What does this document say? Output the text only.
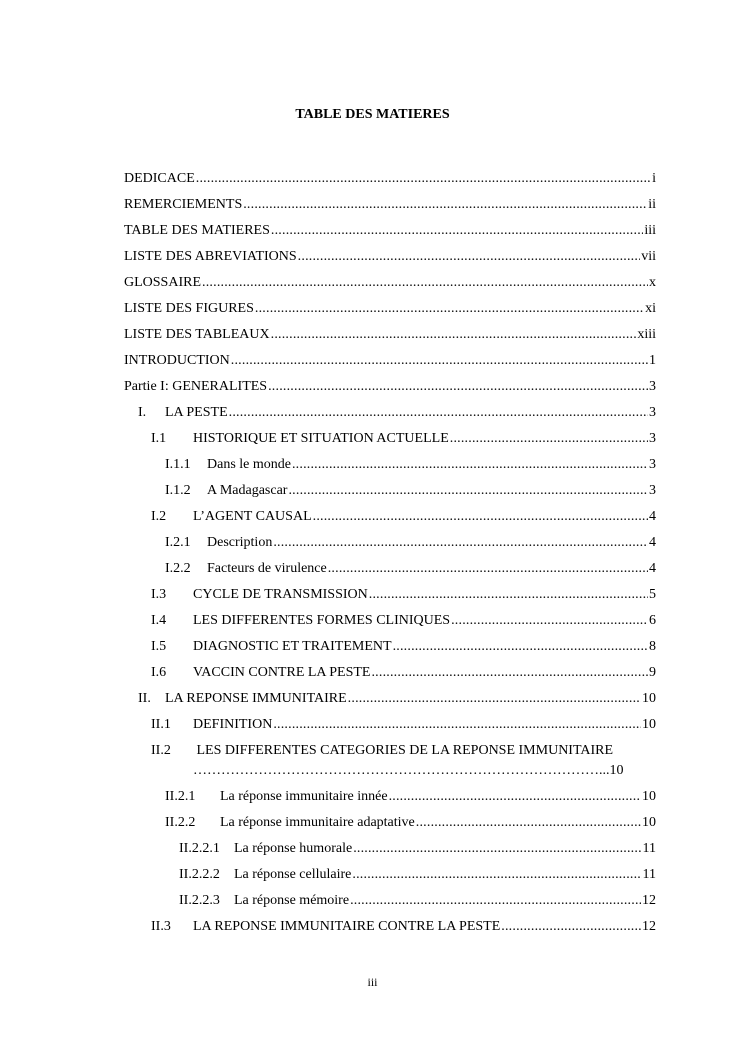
TABLE DES MATIERES
DEDICACE .....	i
REMERCIEMENTS .....	ii
TABLE DES MATIERES .....	iii
LISTE DES ABREVIATIONS .....	vii
GLOSSAIRE .....	x
LISTE DES FIGURES .....	xi
LISTE DES TABLEAUX .....	xiii
INTRODUCTION .....	1
Partie I: GENERALITES .....	3
I.	LA PESTE .....	3
I.1	HISTORIQUE ET SITUATION ACTUELLE .....	3
I.1.1	Dans le monde .....	3
I.1.2	A Madagascar .....	3
I.2	L’AGENT CAUSAL .....	4
I.2.1	Description .....	4
I.2.2	Facteurs de virulence .....	4
I.3	CYCLE DE TRANSMISSION .....	5
I.4	LES DIFFERENTES FORMES CLINIQUES .....	6
I.5	DIAGNOSTIC ET TRAITEMENT .....	8
I.6	VACCIN CONTRE LA PESTE .....	9
II.	LA REPONSE IMMUNITAIRE .....	10
II.1	DEFINITION .....	10
II.2 LES DIFFERENTES CATEGORIES DE LA REPONSE IMMUNITAIRE
……………………………………………………………………………...10
II.2.1	La réponse immunitaire innée .....	10
II.2.2	La réponse immunitaire adaptative .....	10
II.2.2.1	La réponse humorale .....	11
II.2.2.2	La réponse cellulaire .....	11
II.2.2.3	La réponse mémoire .....	12
II.3	LA REPONSE IMMUNITAIRE CONTRE LA PESTE .....	12
iii
